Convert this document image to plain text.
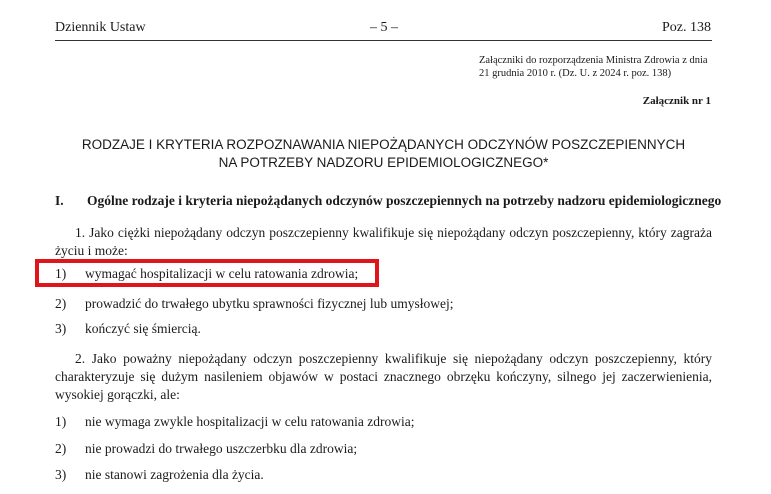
Dziennik Ustaw	– 5 –	Poz. 138
Załączniki do rozporządzenia Ministra Zdrowia z dnia 21 grudnia 2010 r. (Dz. U. z 2024 r. poz. 138)
Załącznik nr 1
RODZAJE I KRYTERIA ROZPOZNAWANIA NIEPOŻĄDANYCH ODCZYNÓW POSZCZEPIENNYCH
NA POTRZEBY NADZORU EPIDEMIOLOGICZNEGO*
I. Ogólne rodzaje i kryteria niepożądanych odczynów poszczepiennych na potrzeby nadzoru epidemiologicznego
1. Jako ciężki niepożądany odczyn poszczepienny kwalifikuje się niepożądany odczyn poszczepienny, który zagraża życiu i może:
1) wymagać hospitalizacji w celu ratowania zdrowia;
2) prowadzić do trwałego ubytku sprawności fizycznej lub umysłowej;
3) kończyć się śmiercią.
2. Jako poważny niepożądany odczyn poszczepienny kwalifikuje się niepożądany odczyn poszczepienny, który charakteryzuje się dużym nasileniem objawów w postaci znacznego obrzęku kończyny, silnego jej zaczerwienienia, wysokiej gorączki, ale:
1) nie wymaga zwykle hospitalizacji w celu ratowania zdrowia;
2) nie prowadzi do trwałego uszczerbku dla zdrowia;
3) nie stanowi zagrożenia dla życia.
